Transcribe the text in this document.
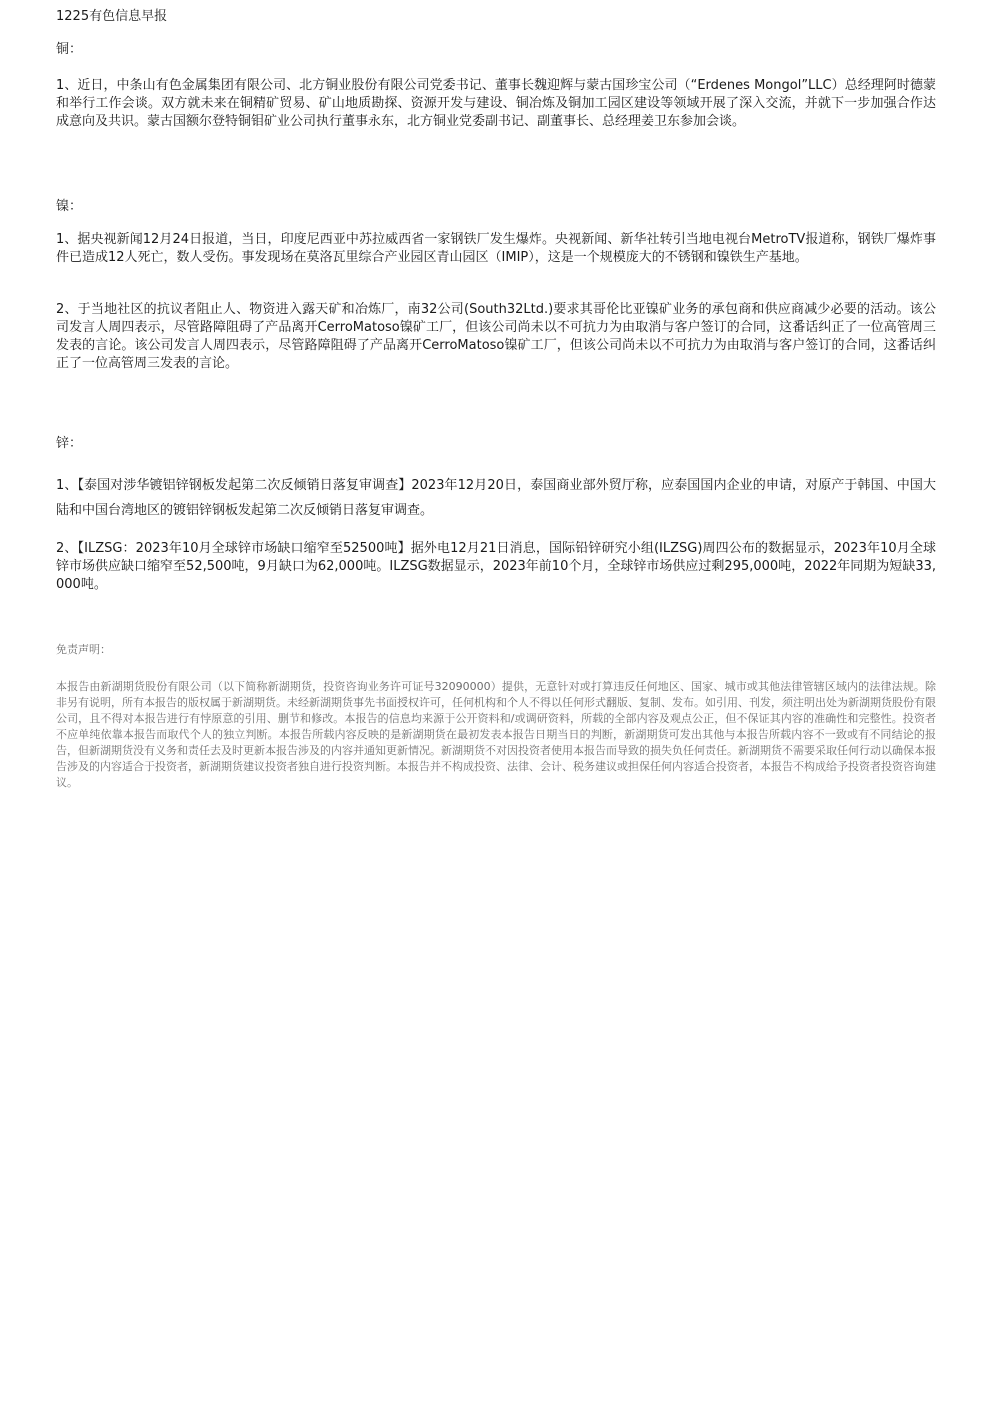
1225有色信息早报
铜：
1、近日，中条山有色金属集团有限公司、北方铜业股份有限公司党委书记、董事长魏迎辉与蒙古国珍宝公司（“Erdenes Mongol”LLC）总经理阿时德蒙和举行工作会谈。双方就未来在铜精矿贸易、矿山地质勘探、资源开发与建设、铜冶炼及铜加工园区建设等领域开展了深入交流，并就下一步加强合作达成意向及共识。蒙古国额尔登特铜钼矿业公司执行董事永东，北方铜业党委副书记、副董事长、总经理姜卫东参加会谈。
镍：
1、据央视新闻12月24日报道，当日，印度尼西亚中苏拉威西省一家钢铁厂发生爆炸。央视新闻、新华社转引当地电视台MetroTV报道称，钢铁厂爆炸事件已造成12人死亡，数人受伤。事发现场在莫洛瓦里综合产业园区青山园区（IMIP），这是一个规模庞大的不锈钢和镍铁生产基地。
2、于当地社区的抗议者阻止人、物资进入露天矿和冶炼厂，南32公司(South32Ltd.)要求其哥伦比亚镍矿业务的承包商和供应商减少必要的活动。该公司发言人周四表示，尽管路障阻碍了产品离开CerroMatoso镍矿工厂，但该公司尚未以不可抗力为由取消与客户签订的合同，这番话纠正了一位高管周三发表的言论。该公司发言人周四表示，尽管路障阻碍了产品离开CerroMatoso镍矿工厂，但该公司尚未以不可抗力为由取消与客户签订的合同，这番话纠正了一位高管周三发表的言论。
锌：
1、【泰国对涉华镀铝锌钢板发起第二次反倾销日落复审调查】2023年12月20日，泰国商业部外贸厅称，应泰国国内企业的申请，对原产于韩国、中国大陆和中国台湾地区的镀铝锌钢板发起第二次反倾销日落复审调查。
2、【ILZSG：2023年10月全球锌市场缺口缩窄至52500吨】据外电12月21日消息，国际铅锌研究小组(ILZSG)周四公布的数据显示，2023年10月全球锌市场供应缺口缩窄至52,500吨，9月缺口为62,000吨。ILZSG数据显示，2023年前10个月，全球锌市场供应过剩295,000吨，2022年同期为短缺33,000吨。
免责声明：
本报告由新湖期货股份有限公司（以下简称新湖期货，投资咨询业务许可证号32090000）提供，无意针对或打算违反任何地区、国家、城市或其他法律管辖区域内的法律法规。除非另有说明，所有本报告的版权属于新湖期货。未经新湖期货事先书面授权许可，任何机构和个人不得以任何形式翻版、复制、发布。如引用、刊发，须注明出处为新湖期货股份有限公司，且不得对本报告进行有悖原意的引用、删节和修改。本报告的信息均来源于公开资料和/或调研资料，所载的全部内容及观点公正，但不保证其内容的准确性和完整性。投资者不应单纯依靠本报告而取代个人的独立判断。本报告所载内容反映的是新湖期货在最初发表本报告日期当日的判断，新湖期货可发出其他与本报告所载内容不一致或有不同结论的报告，但新湖期货没有义务和责任去及时更新本报告涉及的内容并通知更新情况。新湖期货不对因投资者使用本报告而导致的损失负任何责任。新湖期货不需要采取任何行动以确保本报告涉及的内容适合于投资者，新湖期货建议投资者独自进行投资判断。本报告并不构成投资、法律、会计、税务建议或担保任何内容适合投资者，本报告不构成给予投资者投资咨询建议。
